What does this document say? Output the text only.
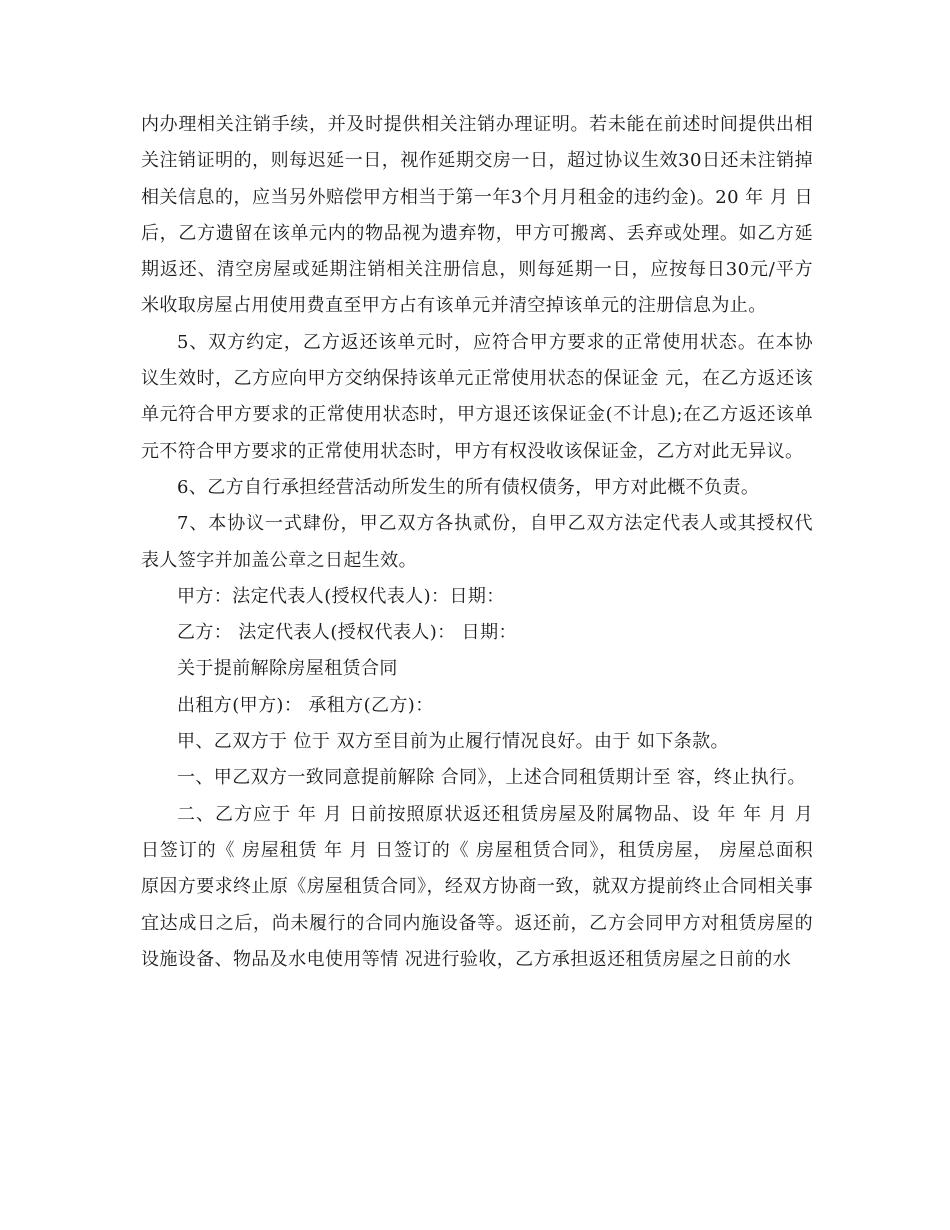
内办理相关注销手续，并及时提供相关注销办理证明。若未能在前述时间提供出相关注销证明的，则每迟延一日，视作延期交房一日，超过协议生效30日还未注销掉相关信息的，应当另外赔偿甲方相当于第一年3个月月租金的违约金)。20 年 月 日后，乙方遗留在该单元内的物品视为遗弃物，甲方可搬离、丢弃或处理。如乙方延期返还、清空房屋或延期注销相关注册信息，则每延期一日，应按每日30元/平方米收取房屋占用使用费直至甲方占有该单元并清空掉该单元的注册信息为止。

5、双方约定，乙方返还该单元时，应符合甲方要求的正常使用状态。在本协议生效时，乙方应向甲方交纳保持该单元正常使用状态的保证金 元，在乙方返还该单元符合甲方要求的正常使用状态时，甲方退还该保证金(不计息);在乙方返还该单元不符合甲方要求的正常使用状态时，甲方有权没收该保证金，乙方对此无异议。

6、乙方自行承担经营活动所发生的所有债权债务，甲方对此概不负责。

7、本协议一式肆份，甲乙双方各执贰份，自甲乙双方法定代表人或其授权代表人签字并加盖公章之日起生效。

甲方：法定代表人(授权代表人)：日期：

乙方： 法定代表人(授权代表人)： 日期：

关于提前解除房屋租赁合同

出租方(甲方)： 承租方(乙方)：

甲、乙双方于 位于 双方至目前为止履行情况良好。由于 如下条款。

一、甲乙双方一致同意提前解除 合同》，上述合同租赁期计至 容，终止执行。

二、乙方应于 年 月 日前按照原状返还租赁房屋及附属物品、设 年 年 月 月 日签订的《 房屋租赁 年 月 日签订的《 房屋租赁合同》，租赁房屋， 房屋总面积 原因方要求终止原《房屋租赁合同》，经双方协商一致，就双方提前终止合同相关事宜达成日之后，尚未履行的合同内施设备等。返还前，乙方会同甲方对租赁房屋的设施设备、物品及水电使用等情 况进行验收，乙方承担返还租赁房屋之日前的水
